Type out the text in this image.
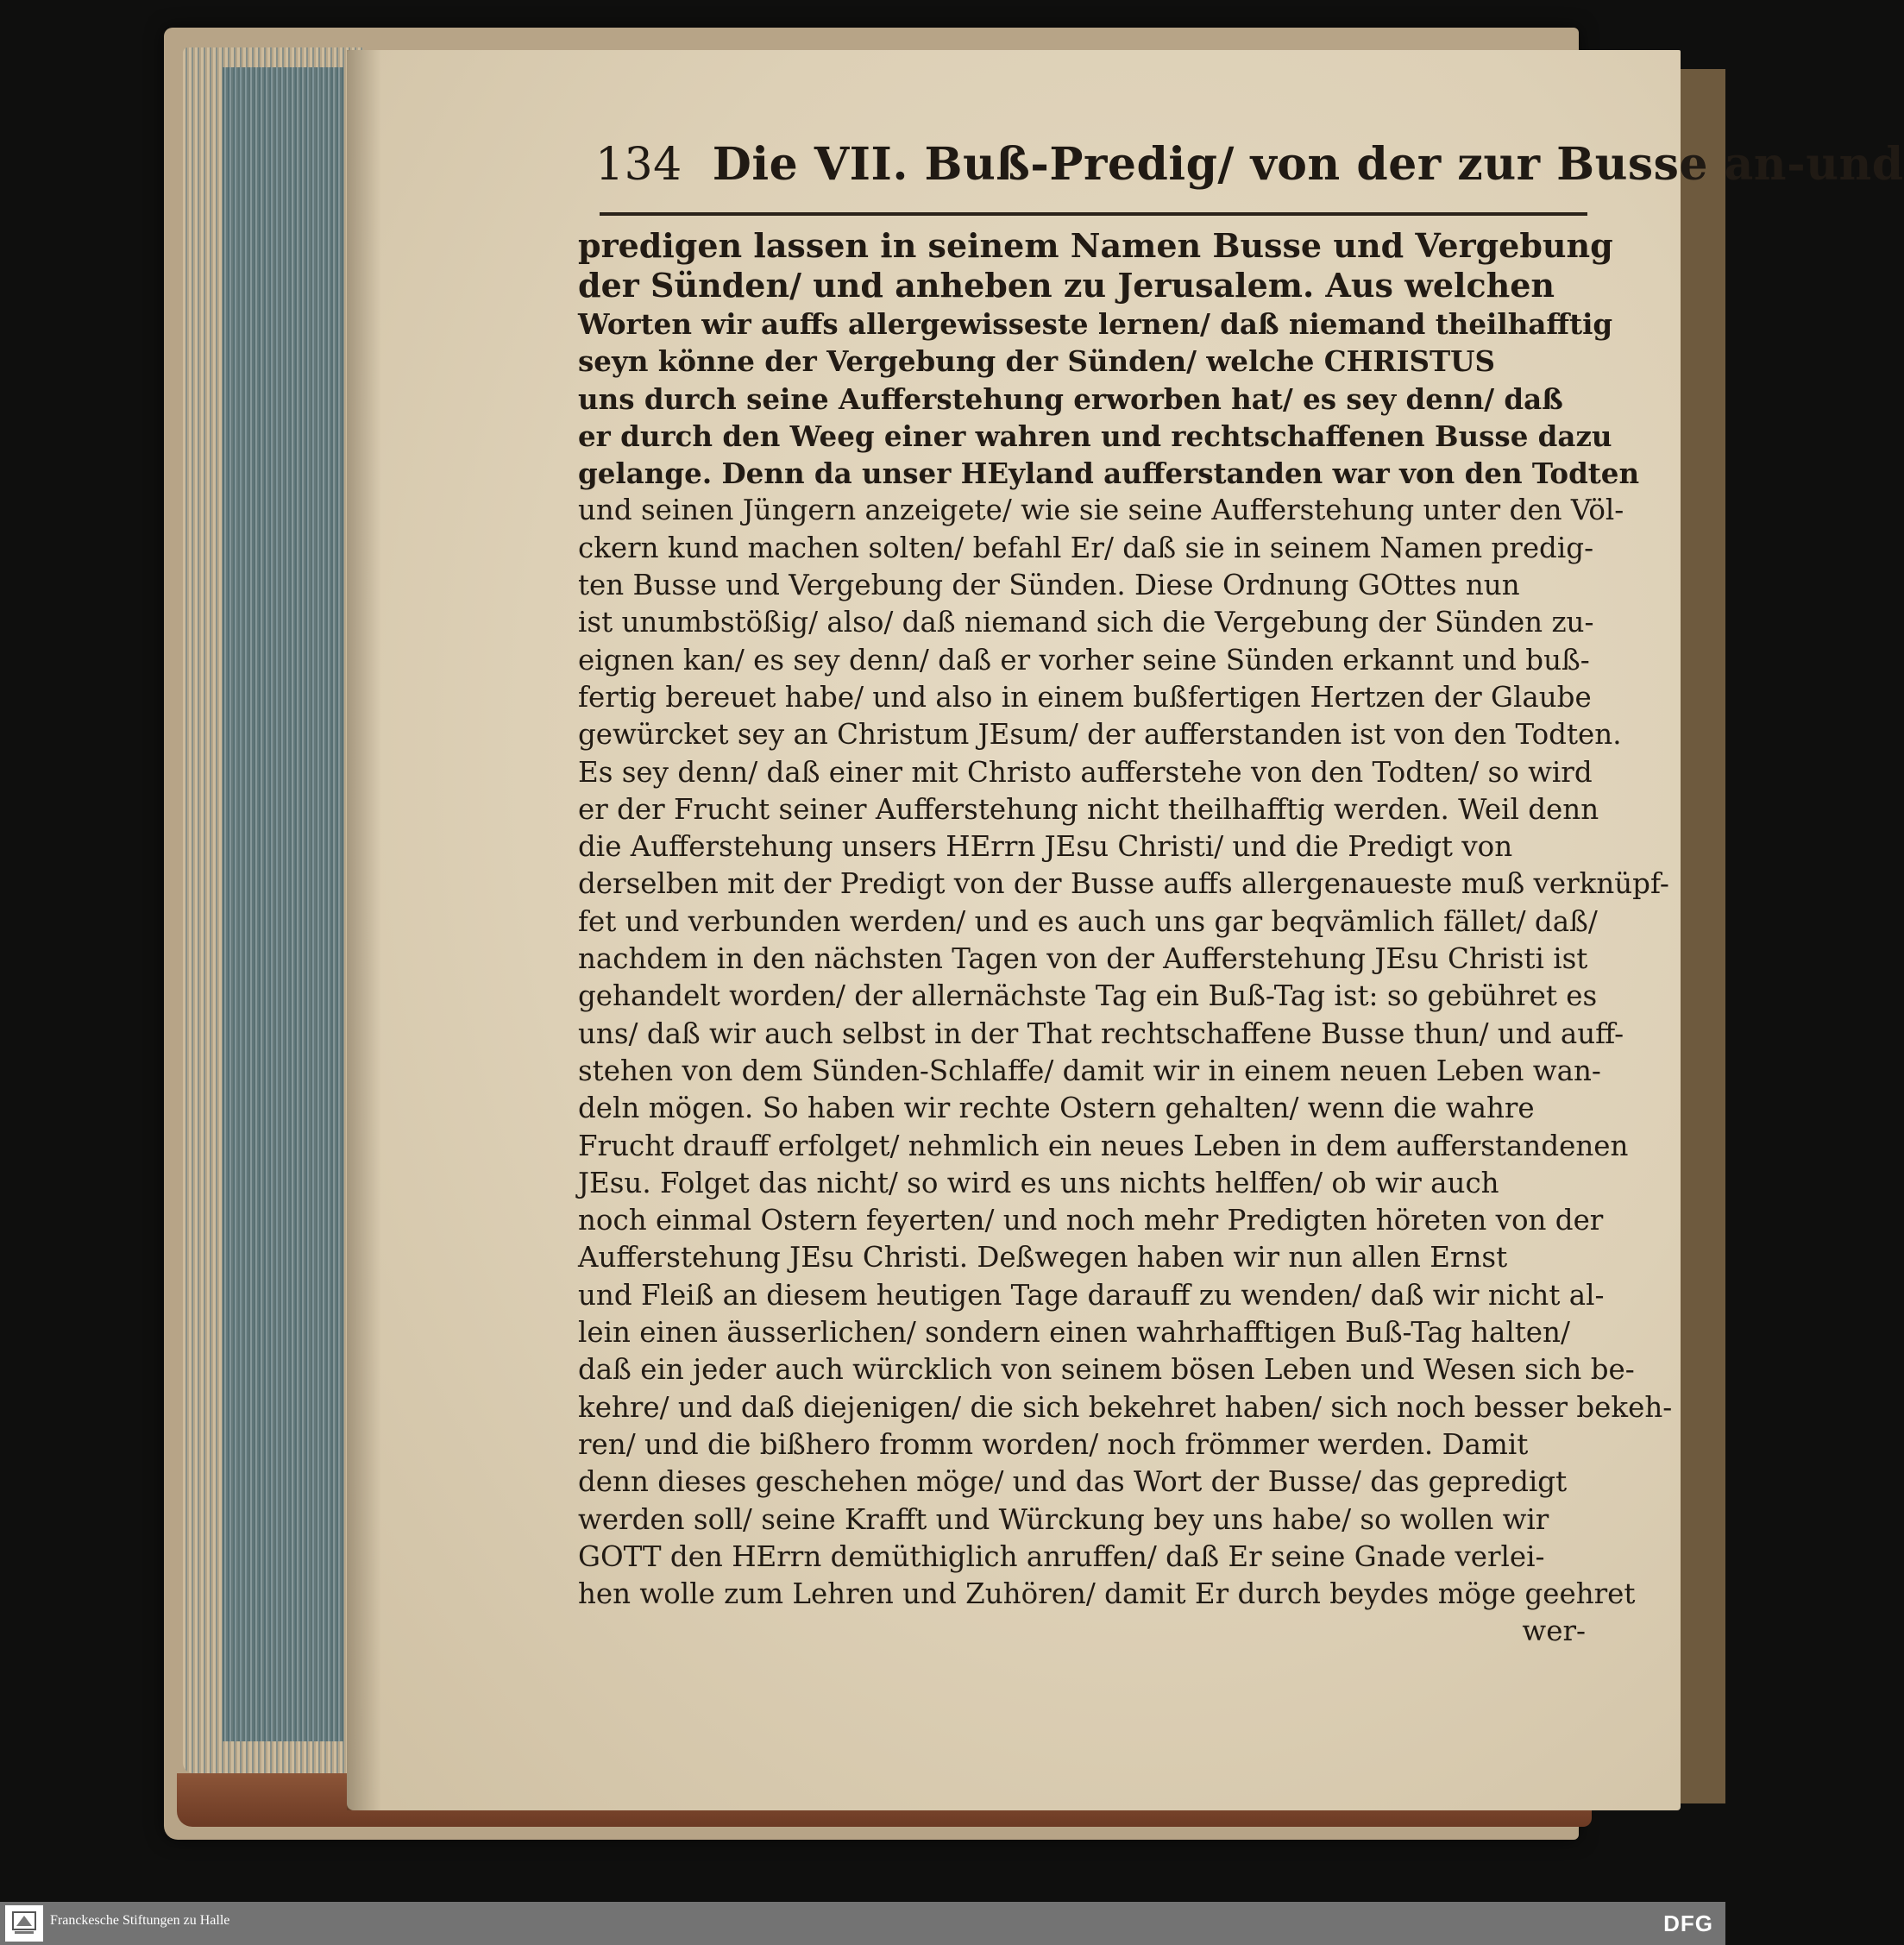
134 Die VII. Buß-Predig/ von der zur Busse an-und
predigen lassen in seinem Namen Busse und Vergebung
der Sünden/ und anheben zu Jerusalem. Aus welchen
Worten wir auffs allergewisseste lernen/ daß niemand theilhafftig
seyn könne der Vergebung der Sünden/ welche CHRISTUS
uns durch seine Aufferstehung erworben hat/ es sey denn/ daß
er durch den Weeg einer wahren und rechtschaffenen Busse dazu
gelange. Denn da unser HEyland aufferstanden war von den Todten
und seinen Jüngern anzeigete/ wie sie seine Aufferstehung unter den Völ-
ckern kund machen solten/ befahl Er/ daß sie in seinem Namen predig-
ten Busse und Vergebung der Sünden. Diese Ordnung GOttes nun
ist unumbstößig/ also/ daß niemand sich die Vergebung der Sünden zu-
eignen kan/ es sey denn/ daß er vorher seine Sünden erkannt und buß-
fertig bereuet habe/ und also in einem bußfertigen Hertzen der Glaube
gewürcket sey an Christum JEsum/ der aufferstanden ist von den Todten.
Es sey denn/ daß einer mit Christo aufferstehe von den Todten/ so wird
er der Frucht seiner Aufferstehung nicht theilhafftig werden. Weil denn
die Aufferstehung unsers HErrn JEsu Christi/ und die Predigt von
derselben mit der Predigt von der Busse auffs allergenaueste muß verknüpf-
fet und verbunden werden/ und es auch uns gar beqvämlich fället/ daß/
nachdem in den nächsten Tagen von der Aufferstehung JEsu Christi ist
gehandelt worden/ der allernächste Tag ein Buß-Tag ist: so gebühret es
uns/ daß wir auch selbst in der That rechtschaffene Busse thun/ und auff-
stehen von dem Sünden-Schlaffe/ damit wir in einem neuen Leben wan-
deln mögen. So haben wir rechte Ostern gehalten/ wenn die wahre
Frucht drauff erfolget/ nehmlich ein neues Leben in dem aufferstandenen
JEsu. Folget das nicht/ so wird es uns nichts helffen/ ob wir auch
noch einmal Ostern feyerten/ und noch mehr Predigten höreten von der
Aufferstehung JEsu Christi. Deßwegen haben wir nun allen Ernst
und Fleiß an diesem heutigen Tage darauff zu wenden/ daß wir nicht al-
lein einen äusserlichen/ sondern einen wahrhafftigen Buß-Tag halten/
daß ein jeder auch würcklich von seinem bösen Leben und Wesen sich be-
kehre/ und daß diejenigen/ die sich bekehret haben/ sich noch besser bekeh-
ren/ und die bißhero fromm worden/ noch frömmer werden. Damit
denn dieses geschehen möge/ und das Wort der Busse/ das gepredigt
werden soll/ seine Krafft und Würckung bey uns habe/ so wollen wir
GOTT den HErrn demüthiglich anruffen/ daß Er seine Gnade verlei-
hen wolle zum Lehren und Zuhören/ damit Er durch beydes möge geehret
wer-
Franckesche Stiftungen zu Halle	DFG
